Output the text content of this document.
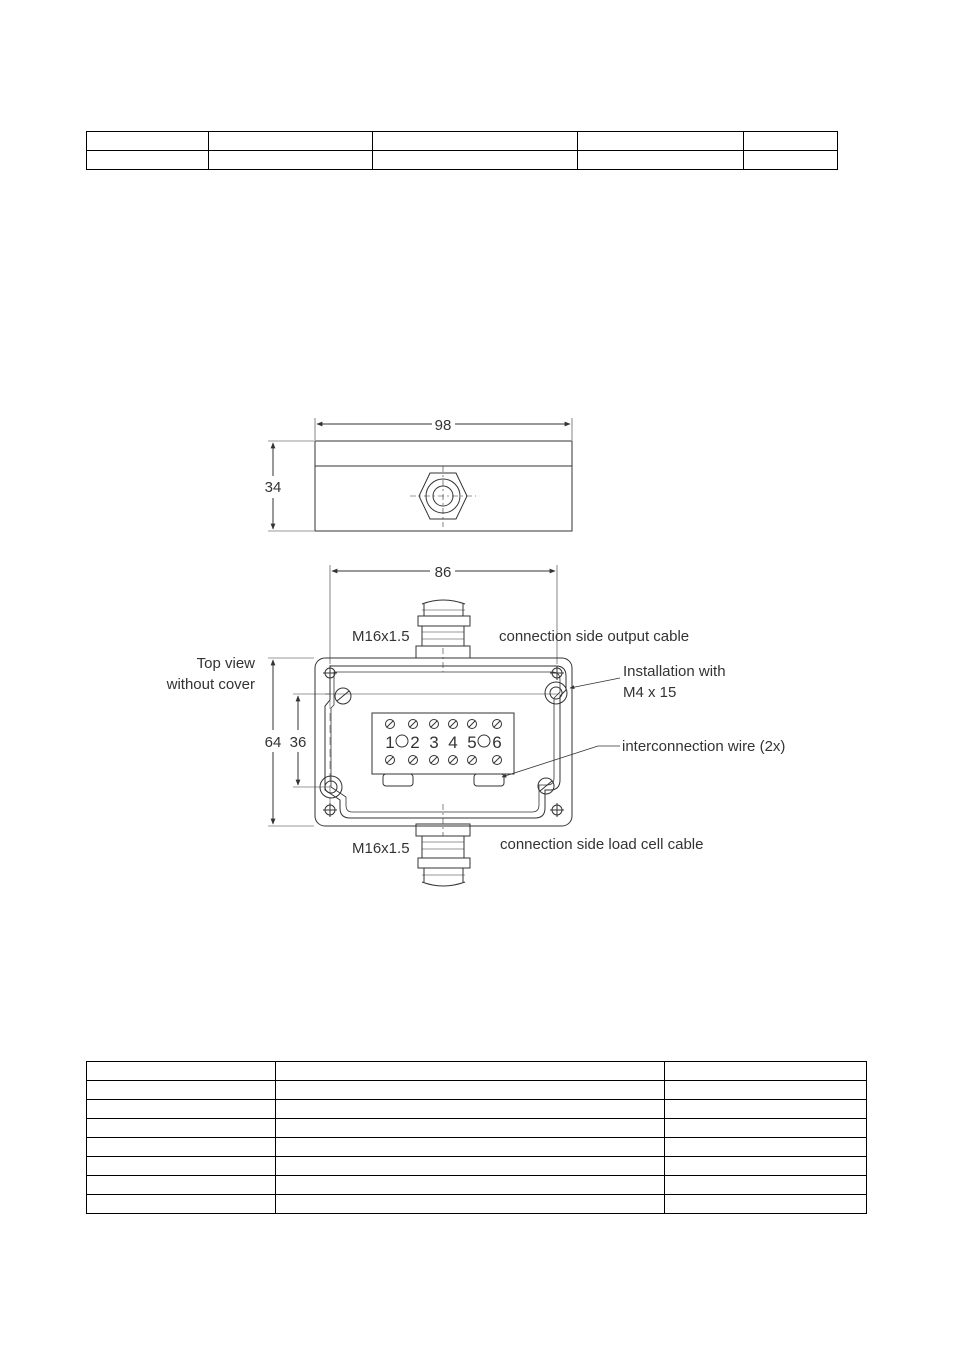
98
34
86
64 36
M16x1.5
M16x1.5
connection side output cable
connection side load cell cable
Top view
without cover
Installation with
M4 x 15
interconnection wire (2x)
1 2 3 4 5 6
